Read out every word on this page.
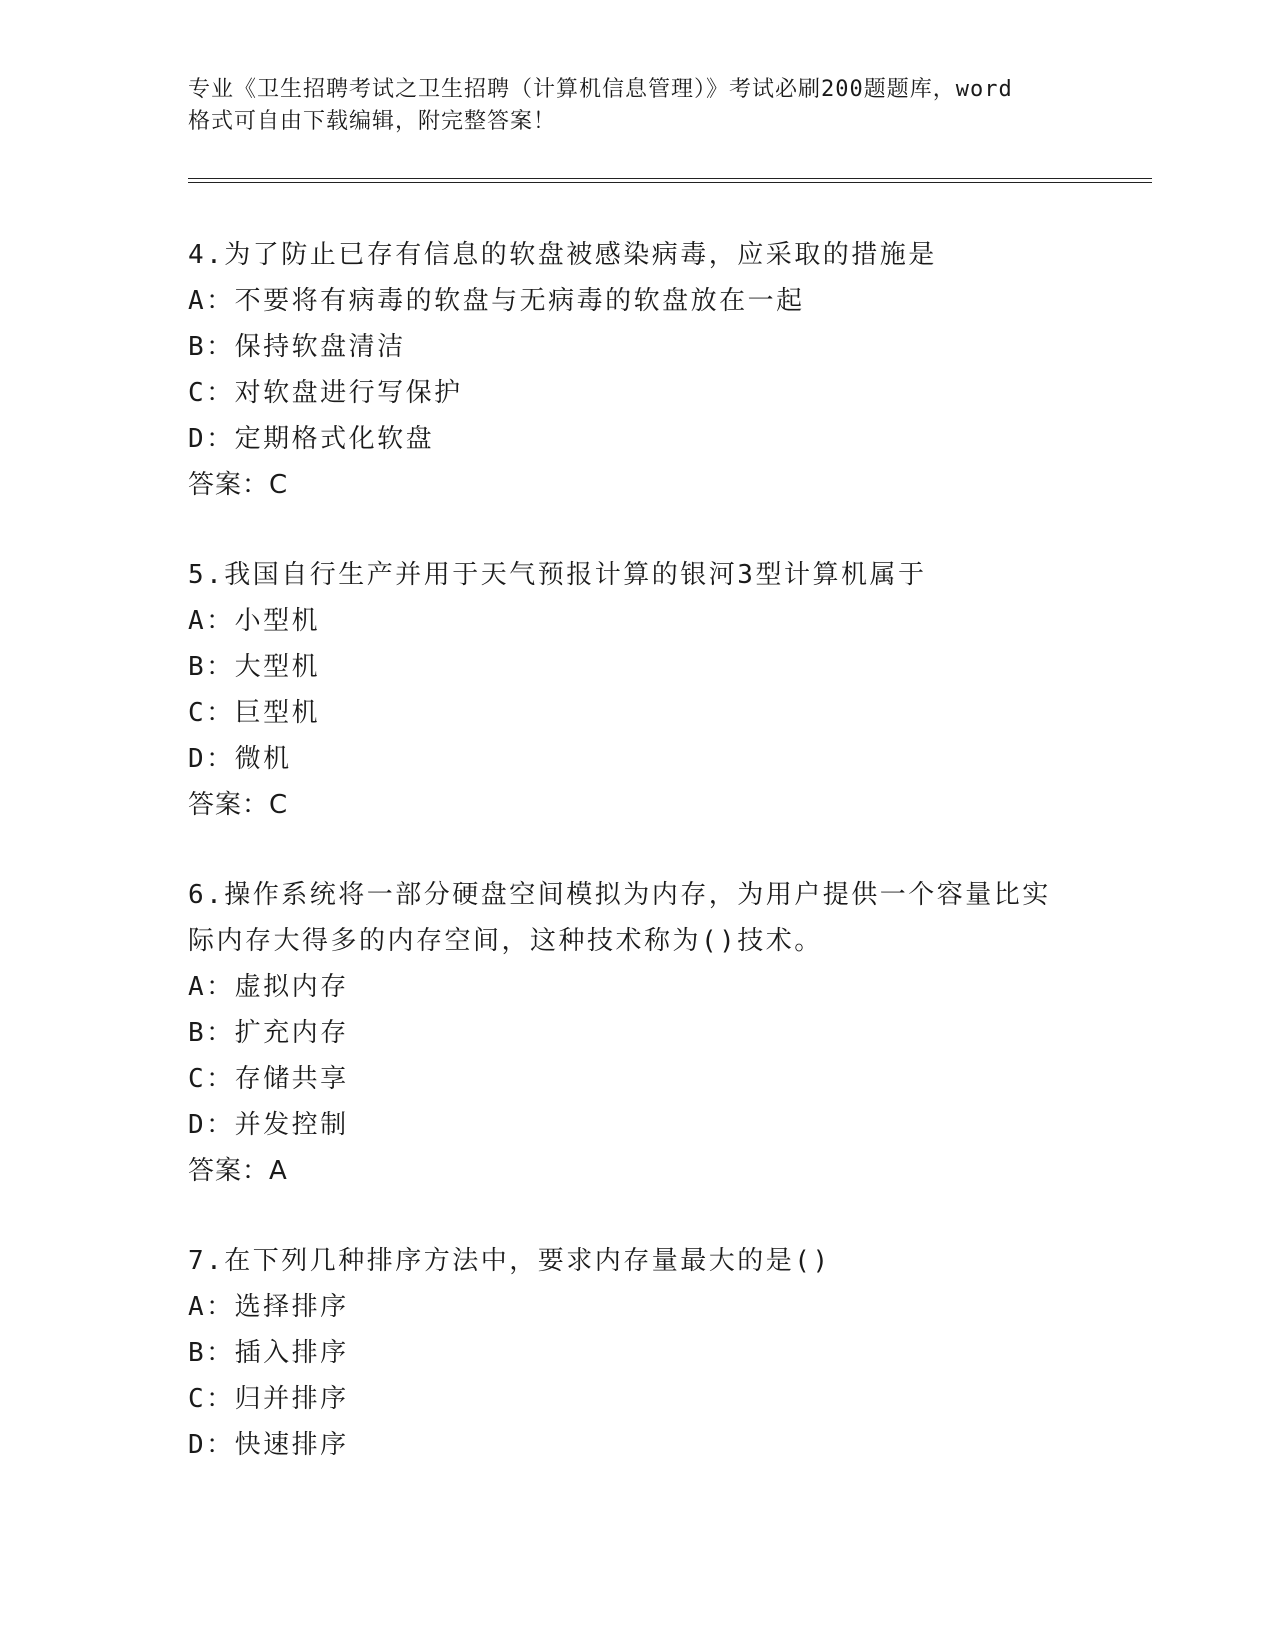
专业《卫生招聘考试之卫生招聘（计算机信息管理）》考试必刷200题题库，word
格式可自由下载编辑，附完整答案！
4.为了防止已存有信息的软盘被感染病毒，应采取的措施是
A：不要将有病毒的软盘与无病毒的软盘放在一起
B：保持软盘清洁
C：对软盘进行写保护
D：定期格式化软盘
答案：C
5.我国自行生产并用于天气预报计算的银河3型计算机属于
A：小型机
B：大型机
C：巨型机
D：微机
答案：C
6.操作系统将一部分硬盘空间模拟为内存，为用户提供一个容量比实
际内存大得多的内存空间，这种技术称为()技术。
A：虚拟内存
B：扩充内存
C：存储共享
D：并发控制
答案：A
7.在下列几种排序方法中，要求内存量最大的是()
A：选择排序
B：插入排序
C：归并排序
D：快速排序
